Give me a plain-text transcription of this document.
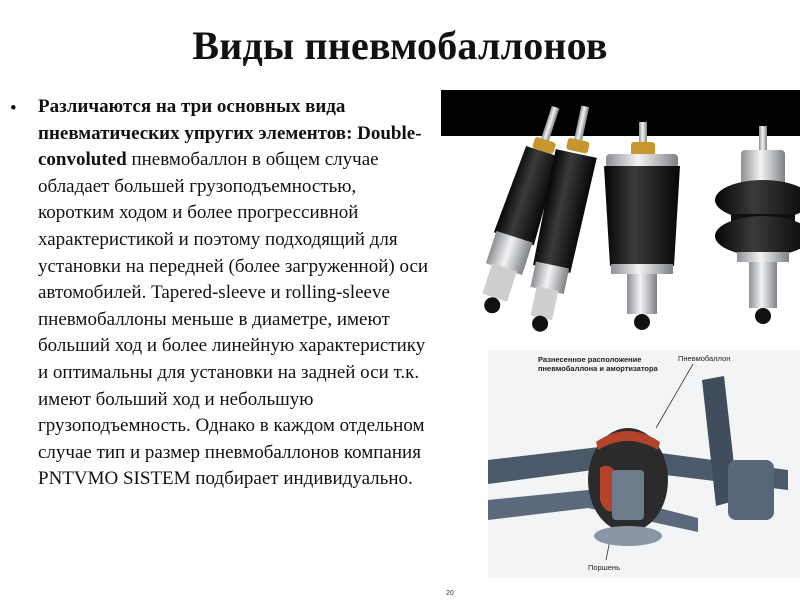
Виды пневмобаллонов
• Различаются на три основных вида пневматических упругих элементов: Double-convoluted пневмобаллон в общем случае обладает большей грузоподъемностью, коротким ходом и более прогрессивной характеристикой и поэтому подходящий для установки на передней (более загруженной) оси автомобилей. Tapered-sleeve и rolling-sleeve пневмобаллоны меньше в диаметре, имеют больший ход и более линейную характеристику и оптимальны для установки на задней оси т.к. имеют больший ход и небольшую грузоподъемность. Однако в каждом отдельном случае тип и размер пневмобаллонов компания PNTVMO SISTEM подбирает индивидуально.

Разнесенное расположение пневмобаллона и амортизатора
Пневмобаллон
Поршень
20
